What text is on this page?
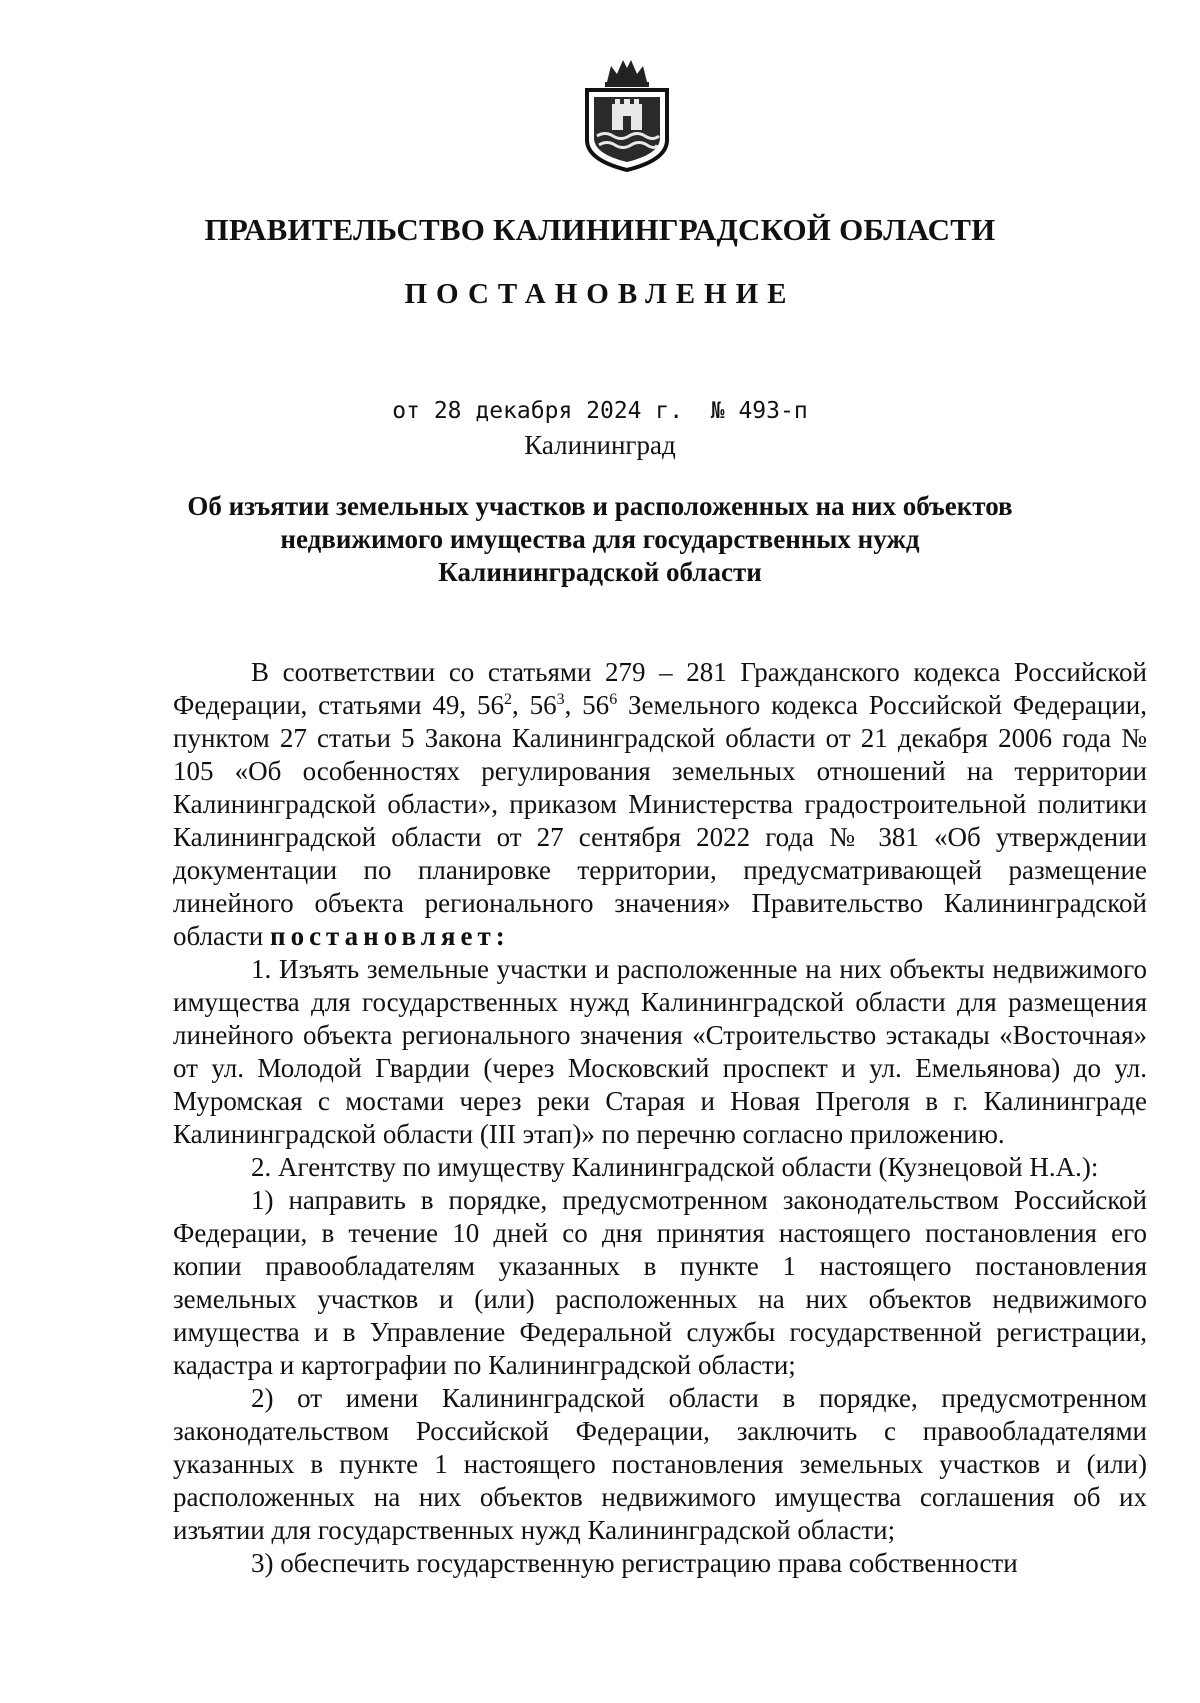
ПРАВИТЕЛЬСТВО КАЛИНИНГРАДСКОЙ ОБЛАСТИ
ПОСТАНОВЛЕНИЕ
от 28 декабря 2024 г.  № 493-п
Калининград
Об изъятии земельных участков и расположенных на них объектов
недвижимого имущества для государственных нужд
Калининградской области

В соответствии со статьями 279 – 281 Гражданского кодекса Российской Федерации, статьями 49, $56^2$, $56^3$, $56^6$ Земельного кодекса Российской Федерации, пунктом 27 статьи 5 Закона Калининградской области от 21 декабря 2006 года № 105 «Об особенностях регулирования земельных отношений на территории Калининградской области», приказом Министерства градостроительной политики Калининградской области от 27 сентября 2022 года № 381 «Об утверждении документации по планировке территории, предусматривающей размещение линейного объекта регионального значения» Правительство Калининградской области постановляет:

1. Изъять земельные участки и расположенные на них объекты недвижимого имущества для государственных нужд Калининградской области для размещения линейного объекта регионального значения «Строительство эстакады «Восточная» от ул. Молодой Гвардии (через Московский проспект и ул. Емельянова) до ул. Муромская с мостами через реки Старая и Новая Преголя в г. Калининграде Калининградской области (III этап)» по перечню согласно приложению.

2. Агентству по имуществу Калининградской области (Кузнецовой Н.А.):

1) направить в порядке, предусмотренном законодательством Российской Федерации, в течение 10 дней со дня принятия настоящего постановления его копии правообладателям указанных в пункте 1 настоящего постановления земельных участков и (или) расположенных на них объектов недвижимого имущества и в Управление Федеральной службы государственной регистрации, кадастра и картографии по Калининградской области;

2) от имени Калининградской области в порядке, предусмотренном законодательством Российской Федерации, заключить с правообладателями указанных в пункте 1 настоящего постановления земельных участков и (или) расположенных на них объектов недвижимого имущества соглашения об их изъятии для государственных нужд Калининградской области;

3) обеспечить государственную регистрацию права собственности
